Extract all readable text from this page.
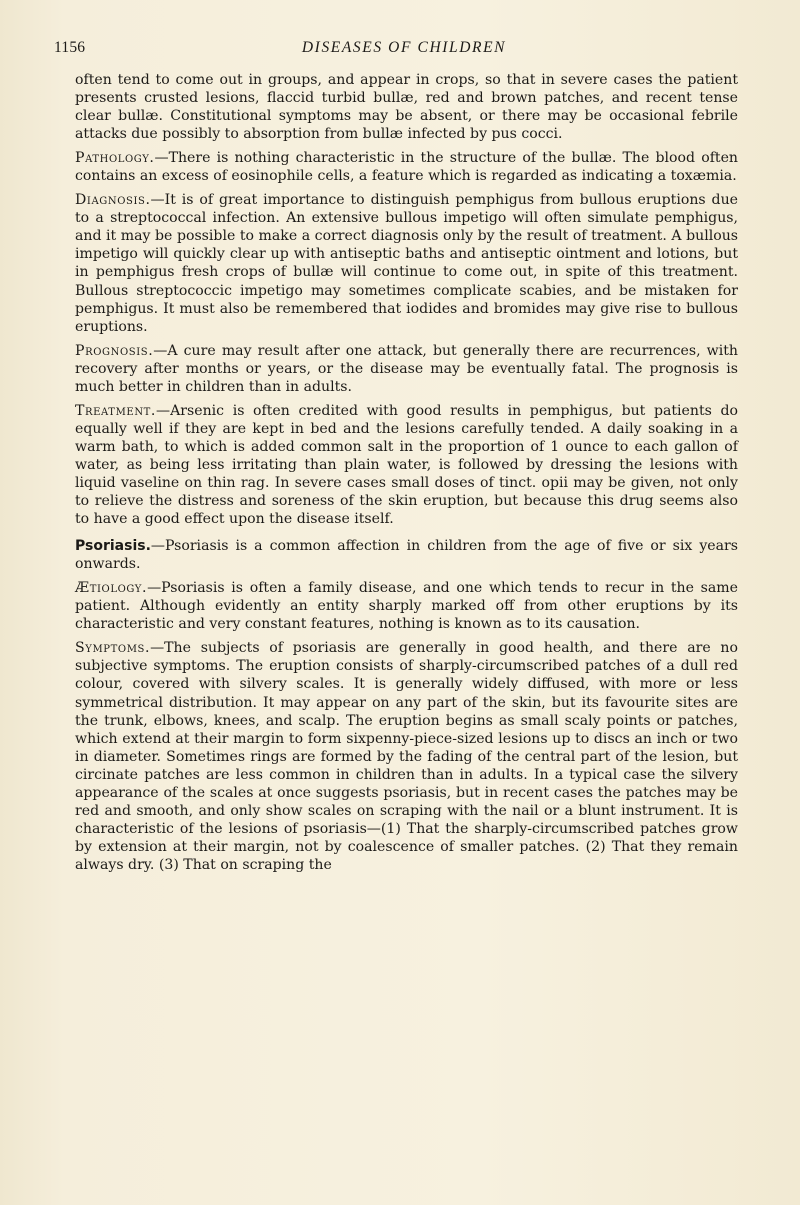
1156	DISEASES OF CHILDREN

often tend to come out in groups, and appear in crops, so that in severe cases the patient presents crusted lesions, flaccid turbid bullæ, red and brown patches, and recent tense clear bullæ. Constitutional symptoms may be absent, or there may be occasional febrile attacks due possibly to absorption from bullæ infected by pus cocci.

Pathology.—There is nothing characteristic in the structure of the bullæ. The blood often contains an excess of eosinophile cells, a feature which is regarded as indicating a toxæmia.

Diagnosis.—It is of great importance to distinguish pemphigus from bullous eruptions due to a streptococcal infection. An extensive bullous impetigo will often simulate pemphigus, and it may be possible to make a correct diagnosis only by the result of treatment. A bullous impetigo will quickly clear up with antiseptic baths and antiseptic ointment and lotions, but in pemphigus fresh crops of bullæ will continue to come out, in spite of this treatment. Bullous streptococcic impetigo may sometimes complicate scabies, and be mistaken for pemphigus. It must also be remembered that iodides and bromides may give rise to bullous eruptions.

Prognosis.—A cure may result after one attack, but generally there are recurrences, with recovery after months or years, or the disease may be eventually fatal. The prognosis is much better in children than in adults.

Treatment.—Arsenic is often credited with good results in pemphigus, but patients do equally well if they are kept in bed and the lesions carefully tended. A daily soaking in a warm bath, to which is added common salt in the proportion of 1 ounce to each gallon of water, as being less irritating than plain water, is followed by dressing the lesions with liquid vaseline on thin rag. In severe cases small doses of tinct. opii may be given, not only to relieve the distress and soreness of the skin eruption, but because this drug seems also to have a good effect upon the disease itself.

Psoriasis.—Psoriasis is a common affection in children from the age of five or six years onwards.

Ætiology.—Psoriasis is often a family disease, and one which tends to recur in the same patient. Although evidently an entity sharply marked off from other eruptions by its characteristic and very constant features, nothing is known as to its causation.

Symptoms.—The subjects of psoriasis are generally in good health, and there are no subjective symptoms. The eruption consists of sharply-circumscribed patches of a dull red colour, covered with silvery scales. It is generally widely diffused, with more or less symmetrical distribution. It may appear on any part of the skin, but its favourite sites are the trunk, elbows, knees, and scalp. The eruption begins as small scaly points or patches, which extend at their margin to form sixpenny-piece-sized lesions up to discs an inch or two in diameter. Sometimes rings are formed by the fading of the central part of the lesion, but circinate patches are less common in children than in adults. In a typical case the silvery appearance of the scales at once suggests psoriasis, but in recent cases the patches may be red and smooth, and only show scales on scraping with the nail or a blunt instrument. It is characteristic of the lesions of psoriasis—(1) That the sharply-circumscribed patches grow by extension at their margin, not by coalescence of smaller patches. (2) That they remain always dry. (3) That on scraping the
